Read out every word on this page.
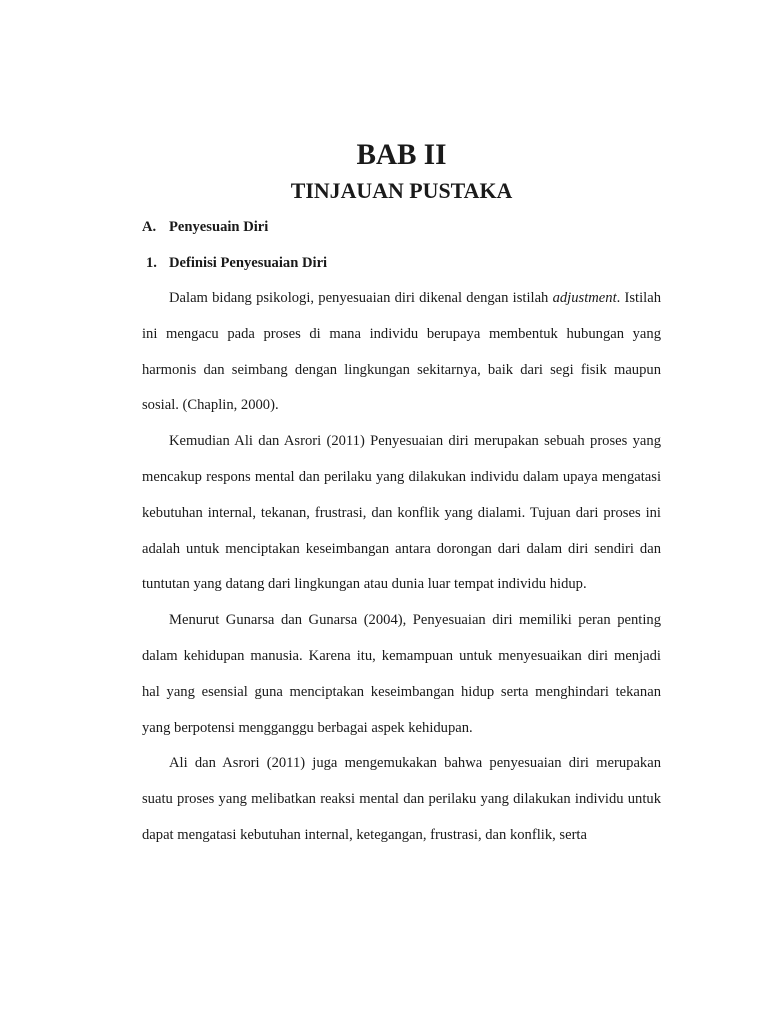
BAB II
TINJAUAN PUSTAKA
A. Penyesuain Diri
1. Definisi Penyesuaian Diri

Dalam bidang psikologi, penyesuaian diri dikenal dengan istilah adjustment. Istilah ini mengacu pada proses di mana individu berupaya membentuk hubungan yang harmonis dan seimbang dengan lingkungan sekitarnya, baik dari segi fisik maupun sosial. (Chaplin, 2000).

Kemudian Ali dan Asrori (2011) Penyesuaian diri merupakan sebuah proses yang mencakup respons mental dan perilaku yang dilakukan individu dalam upaya mengatasi kebutuhan internal, tekanan, frustrasi, dan konflik yang dialami. Tujuan dari proses ini adalah untuk menciptakan keseimbangan antara dorongan dari dalam diri sendiri dan tuntutan yang datang dari lingkungan atau dunia luar tempat individu hidup.

Menurut Gunarsa dan Gunarsa (2004), Penyesuaian diri memiliki peran penting dalam kehidupan manusia. Karena itu, kemampuan untuk menyesuaikan diri menjadi hal yang esensial guna menciptakan keseimbangan hidup serta menghindari tekanan yang berpotensi mengganggu berbagai aspek kehidupan.

Ali dan Asrori (2011) juga mengemukakan bahwa penyesuaian diri merupakan suatu proses yang melibatkan reaksi mental dan perilaku yang dilakukan individu untuk dapat mengatasi kebutuhan internal, ketegangan, frustrasi, dan konflik, serta
